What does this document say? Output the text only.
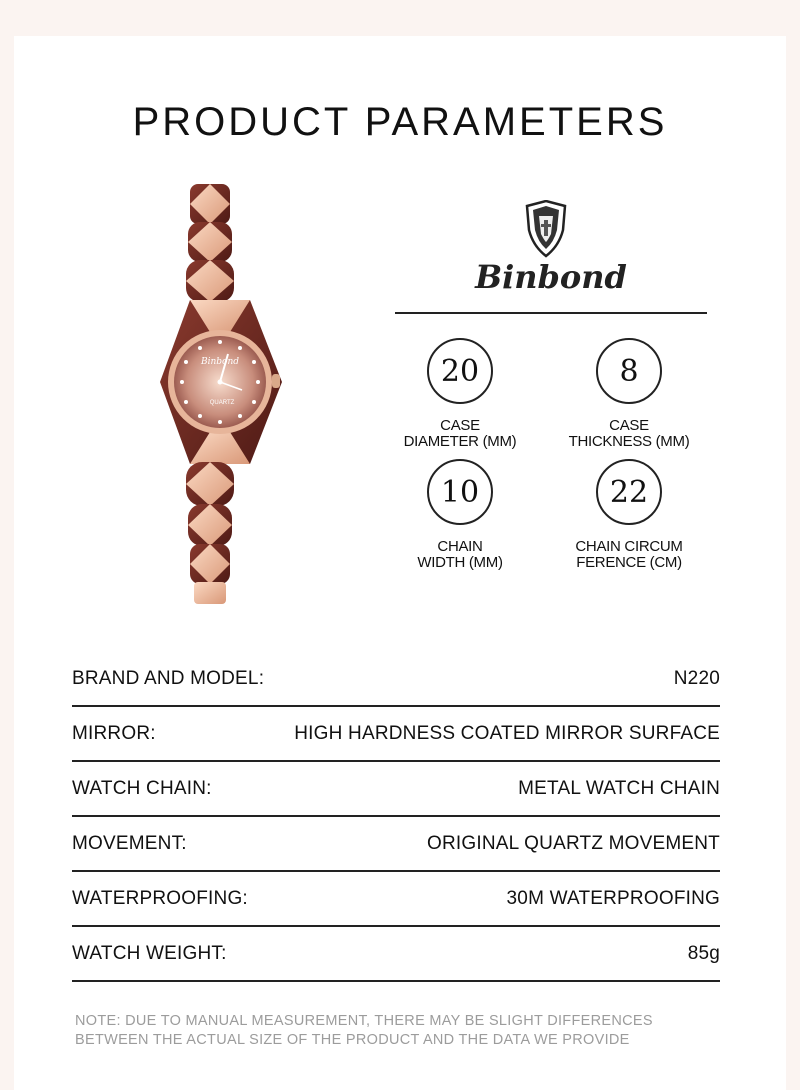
PRODUCT PARAMETERS
Binbond
QUARTZ
Binbond
20
CASE
DIAMETER (MM)
8
CASE
THICKNESS (MM)
10
CHAIN
WIDTH (MM)
22
CHAIN CIRCUM
FERENCE (CM)
BRAND AND MODEL:	N220
MIRROR:	HIGH HARDNESS COATED MIRROR SURFACE
WATCH CHAIN:	METAL WATCH CHAIN
MOVEMENT:	ORIGINAL QUARTZ MOVEMENT
WATERPROOFING:	30M WATERPROOFING
WATCH WEIGHT:	85g
NOTE: DUE TO MANUAL MEASUREMENT, THERE MAY BE SLIGHT DIFFERENCES
BETWEEN THE ACTUAL SIZE OF THE PRODUCT AND THE DATA WE PROVIDE
